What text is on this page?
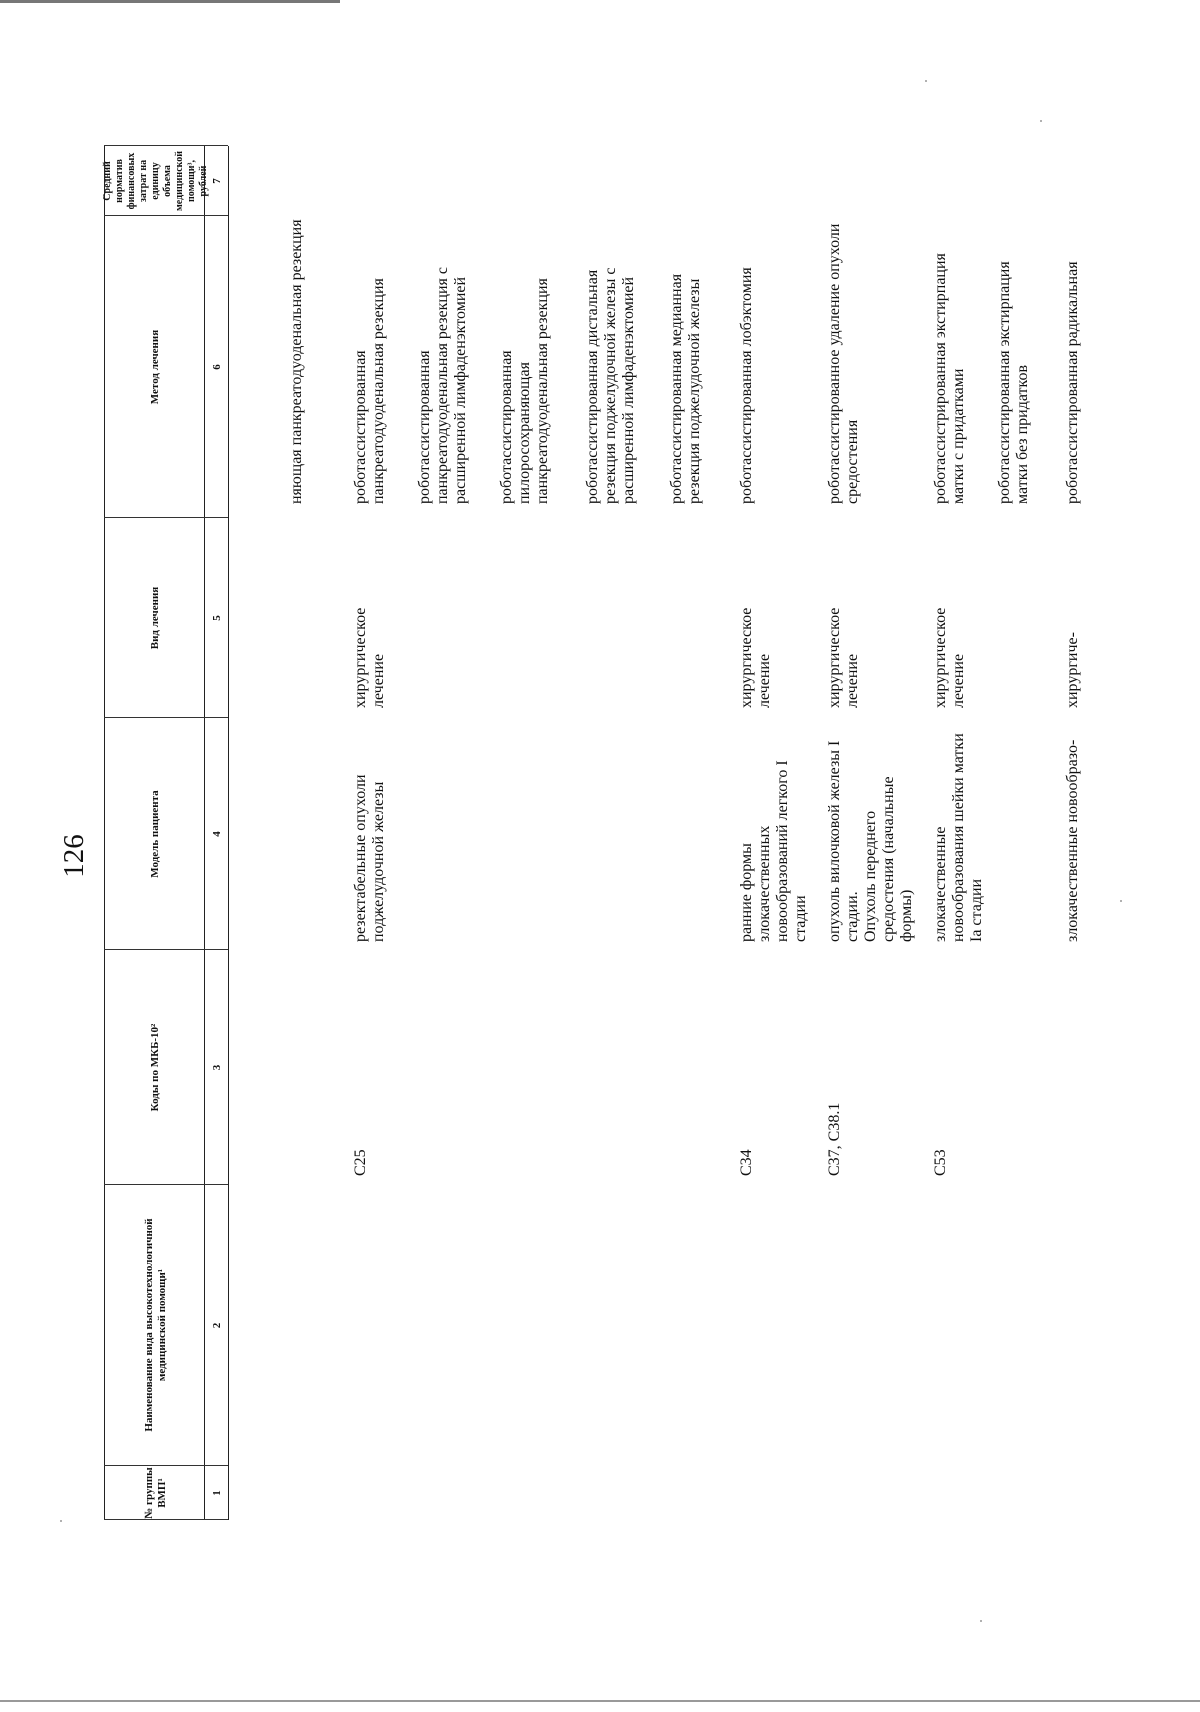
126
№ группы ВМП¹
Наименование вида высокотехнологичной медицинской помощи¹
Коды по МКБ-10²
Модель пациента
Вид лечения
Метод лечения
Средний норматив финансовых затрат на единицу объема медицинской помощи³, рублей
1
2
3
4
5
6
7
няющая панкреатодуоденальная резекция
С25
резектабельные опухоли поджелудочной железы
хирургическое лечение
роботассистированная панкреатодуоденальная резекция роботассистированная панкреатодуоденальная резекция с расширенной лимфаденэктомией роботассистированная пилоросохраняющая панкреатодуоденальная резекция роботассистированная дистальная резекция поджелудочной железы с расширенной лимфаденэктомией роботассистированная медианная резекция поджелудочной железы
С34
ранние формы злокачественных новообразований легкого I стадии
хирургическое лечение
роботассистированная лобэктомия
С37, С38.1
опухоль вилочковой железы I стадии.
Опухоль переднего средостения (начальные формы)
хирургическое лечение
роботассистированное удаление опухоли средостения
С53
злокачественные новообразования шейки матки Ia стадии
хирургическое лечение
роботассистрированная экстирпация матки с придатками роботассистированная экстирпация матки без придатков
злокачественные новообразо-
хирургиче-
роботассистированная радикальная
